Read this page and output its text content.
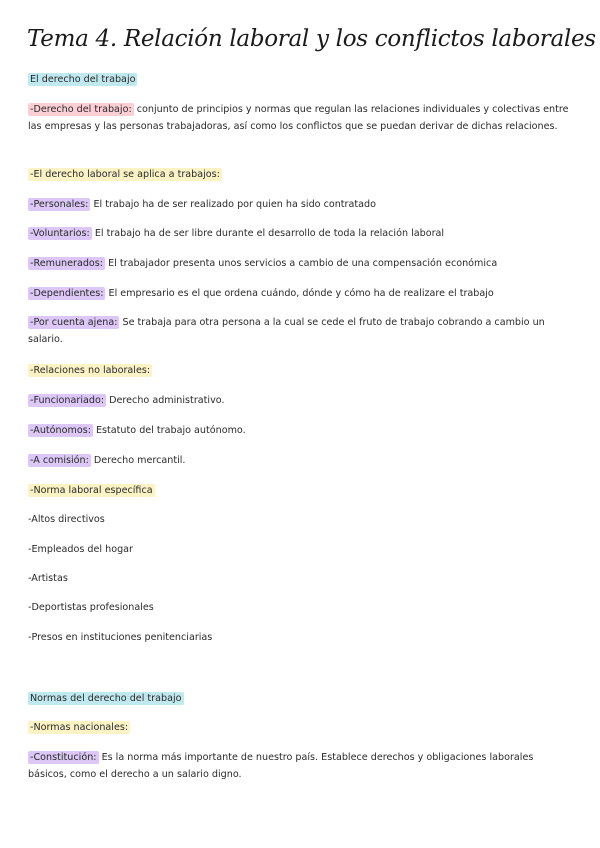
Tema 4. Relación laboral y los conflictos laborales
El derecho del trabajo
-Derecho del trabajo: conjunto de principios y normas que regulan las relaciones individuales y colectivas entre las empresas y las personas trabajadoras, así como los conflictos que se puedan derivar de dichas relaciones.
-El derecho laboral se aplica a trabajos:
-Personales: El trabajo ha de ser realizado por quien ha sido contratado
-Voluntarios: El trabajo ha de ser libre durante el desarrollo de toda la relación laboral
-Remunerados: El trabajador presenta unos servicios a cambio de una compensación económica
-Dependientes: El empresario es el que ordena cuándo, dónde y cómo ha de realizare el trabajo
-Por cuenta ajena: Se trabaja para otra persona a la cual se cede el fruto de trabajo cobrando a cambio un salario.
-Relaciones no laborales:
-Funcionariado: Derecho administrativo.
-Autónomos: Estatuto del trabajo autónomo.
-A comisión: Derecho mercantil.
-Norma laboral específica
-Altos directivos
-Empleados del hogar
-Artistas
-Deportistas profesionales
-Presos en instituciones penitenciarias
Normas del derecho del trabajo
-Normas nacionales:
-Constitución: Es la norma más importante de nuestro país. Establece derechos y obligaciones laborales básicos, como el derecho a un salario digno.
